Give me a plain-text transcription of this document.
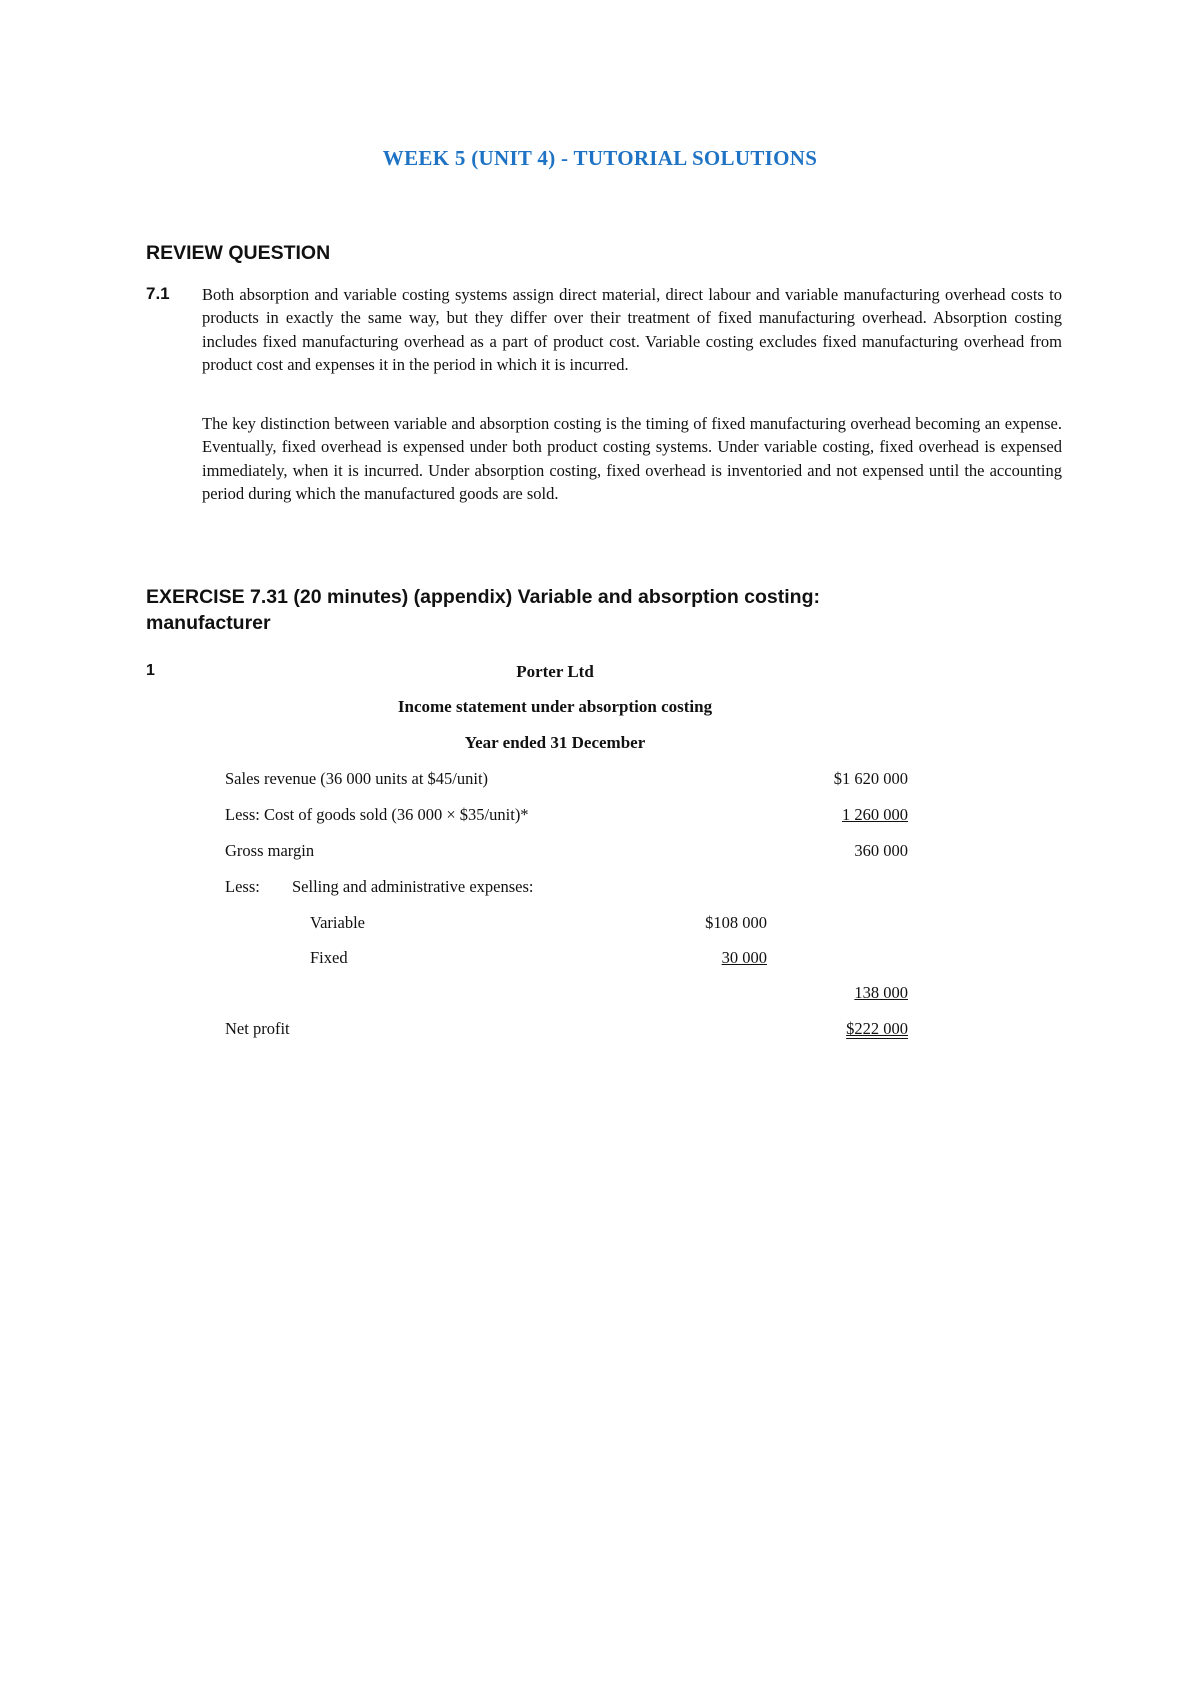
WEEK 5 (UNIT 4) - TUTORIAL SOLUTIONS
REVIEW QUESTION
7.1 Both absorption and variable costing systems assign direct material, direct labour and variable manufacturing overhead costs to products in exactly the same way, but they differ over their treatment of fixed manufacturing overhead. Absorption costing includes fixed manufacturing overhead as a part of product cost. Variable costing excludes fixed manufacturing overhead from product cost and expenses it in the period in which it is incurred.

The key distinction between variable and absorption costing is the timing of fixed manufacturing overhead becoming an expense. Eventually, fixed overhead is expensed under both product costing systems. Under variable costing, fixed overhead is expensed immediately, when it is incurred. Under absorption costing, fixed overhead is inventoried and not expensed until the accounting period during which the manufactured goods are sold.

EXERCISE 7.31 (20 minutes) (appendix) Variable and absorption costing:
manufacturer
1	Porter Ltd
Income statement under absorption costing
Year ended 31 December
Sales revenue (36 000 units at $45/unit)	$1 620 000
Less: Cost of goods sold (36 000 × $35/unit)*	1 260 000
Gross margin	360 000
Less: Selling and administrative expenses:
Variable	$108 000
Fixed	30 000
138 000
Net profit	$222 000
